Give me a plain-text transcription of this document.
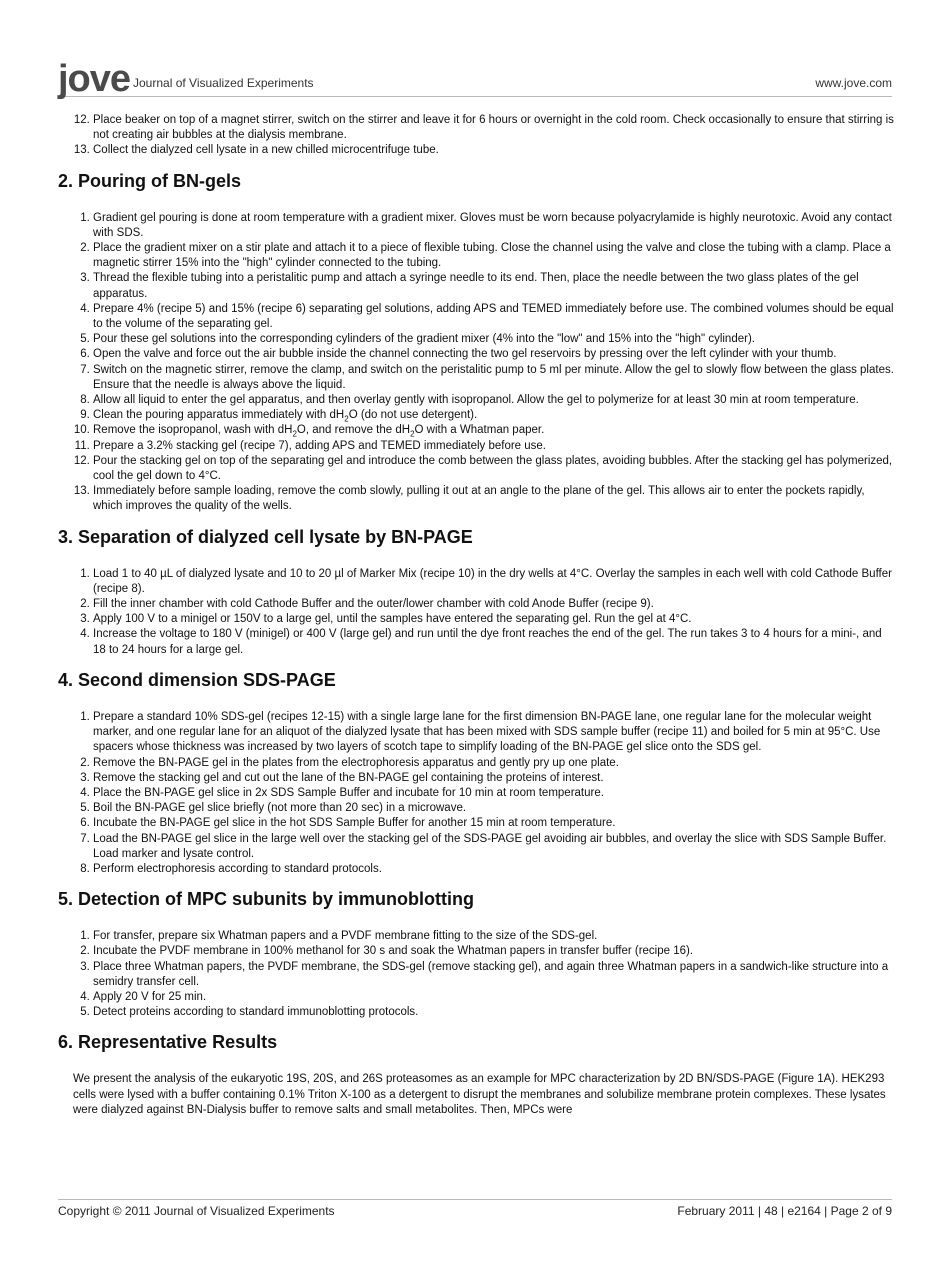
jove Journal of Visualized Experiments	www.jove.com
12. Place beaker on top of a magnet stirrer, switch on the stirrer and leave it for 6 hours or overnight in the cold room. Check occasionally to ensure that stirring is not creating air bubbles at the dialysis membrane.
13. Collect the dialyzed cell lysate in a new chilled microcentrifuge tube.
2. Pouring of BN-gels
1. Gradient gel pouring is done at room temperature with a gradient mixer. Gloves must be worn because polyacrylamide is highly neurotoxic. Avoid any contact with SDS.
2. Place the gradient mixer on a stir plate and attach it to a piece of flexible tubing. Close the channel using the valve and close the tubing with a clamp. Place a magnetic stirrer 15% into the "high" cylinder connected to the tubing.
3. Thread the flexible tubing into a peristalitic pump and attach a syringe needle to its end. Then, place the needle between the two glass plates of the gel apparatus.
4. Prepare 4% (recipe 5) and 15% (recipe 6) separating gel solutions, adding APS and TEMED immediately before use. The combined volumes should be equal to the volume of the separating gel.
5. Pour these gel solutions into the corresponding cylinders of the gradient mixer (4% into the "low" and 15% into the "high" cylinder).
6. Open the valve and force out the air bubble inside the channel connecting the two gel reservoirs by pressing over the left cylinder with your thumb.
7. Switch on the magnetic stirrer, remove the clamp, and switch on the peristalitic pump to 5 ml per minute. Allow the gel to slowly flow between the glass plates. Ensure that the needle is always above the liquid.
8. Allow all liquid to enter the gel apparatus, and then overlay gently with isopropanol. Allow the gel to polymerize for at least 30 min at room temperature.
9. Clean the pouring apparatus immediately with $dH_2O$ (do not use detergent).
10. Remove the isopropanol, wash with $dH_2O$, and remove the $dH_2O$ with a Whatman paper.
11. Prepare a 3.2% stacking gel (recipe 7), adding APS and TEMED immediately before use.
12. Pour the stacking gel on top of the separating gel and introduce the comb between the glass plates, avoiding bubbles. After the stacking gel has polymerized, cool the gel down to 4°C.
13. Immediately before sample loading, remove the comb slowly, pulling it out at an angle to the plane of the gel. This allows air to enter the pockets rapidly, which improves the quality of the wells.
3. Separation of dialyzed cell lysate by BN-PAGE
1. Load 1 to 40 µL of dialyzed lysate and 10 to 20 µl of Marker Mix (recipe 10) in the dry wells at 4°C. Overlay the samples in each well with cold Cathode Buffer (recipe 8).
2. Fill the inner chamber with cold Cathode Buffer and the outer/lower chamber with cold Anode Buffer (recipe 9).
3. Apply 100 V to a minigel or 150V to a large gel, until the samples have entered the separating gel. Run the gel at 4°C.
4. Increase the voltage to 180 V (minigel) or 400 V (large gel) and run until the dye front reaches the end of the gel. The run takes 3 to 4 hours for a mini-, and 18 to 24 hours for a large gel.
4. Second dimension SDS-PAGE
1. Prepare a standard 10% SDS-gel (recipes 12-15) with a single large lane for the first dimension BN-PAGE lane, one regular lane for the molecular weight marker, and one regular lane for an aliquot of the dialyzed lysate that has been mixed with SDS sample buffer (recipe 11) and boiled for 5 min at 95°C. Use spacers whose thickness was increased by two layers of scotch tape to simplify loading of the BN-PAGE gel slice onto the SDS gel.
2. Remove the BN-PAGE gel in the plates from the electrophoresis apparatus and gently pry up one plate.
3. Remove the stacking gel and cut out the lane of the BN-PAGE gel containing the proteins of interest.
4. Place the BN-PAGE gel slice in 2x SDS Sample Buffer and incubate for 10 min at room temperature.
5. Boil the BN-PAGE gel slice briefly (not more than 20 sec) in a microwave.
6. Incubate the BN-PAGE gel slice in the hot SDS Sample Buffer for another 15 min at room temperature.
7. Load the BN-PAGE gel slice in the large well over the stacking gel of the SDS-PAGE gel avoiding air bubbles, and overlay the slice with SDS Sample Buffer. Load marker and lysate control.
8. Perform electrophoresis according to standard protocols.
5. Detection of MPC subunits by immunoblotting
1. For transfer, prepare six Whatman papers and a PVDF membrane fitting to the size of the SDS-gel.
2. Incubate the PVDF membrane in 100% methanol for 30 s and soak the Whatman papers in transfer buffer (recipe 16).
3. Place three Whatman papers, the PVDF membrane, the SDS-gel (remove stacking gel), and again three Whatman papers in a sandwich-like structure into a semidry transfer cell.
4. Apply 20 V for 25 min.
5. Detect proteins according to standard immunoblotting protocols.
6. Representative Results

We present the analysis of the eukaryotic 19S, 20S, and 26S proteasomes as an example for MPC characterization by 2D BN/SDS-PAGE (Figure 1A). HEK293 cells were lysed with a buffer containing 0.1% Triton X-100 as a detergent to disrupt the membranes and solubilize membrane protein complexes. These lysates were dialyzed against BN-Dialysis buffer to remove salts and small metabolites. Then, MPCs were

Copyright © 2011 Journal of Visualized Experiments	February 2011 | 48 | e2164 | Page 2 of 9
